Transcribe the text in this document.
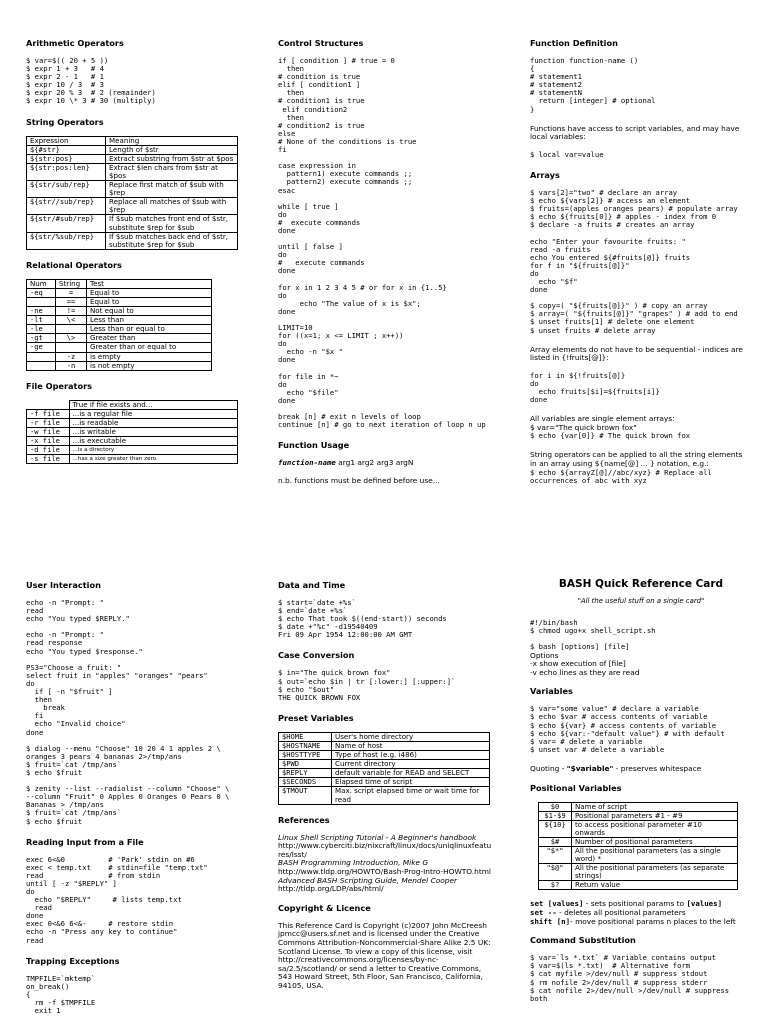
Arithmetic Operators
$ var=$(( 20 + 5 ))
$ expr 1 + 3   # 4
$ expr 2 - 1   # 1
$ expr 10 / 3  # 3
$ expr 20 % 3  # 2 (remainder)
$ expr 10 \* 3 # 30 (multiply)
String Operators
Expression	Meaning
${#str}	Length of $str
${str:pos}	Extract substring from $str at $pos
${str:pos:len}	Extract $len chars from $str at $pos
${str/sub/rep}	Replace first match of $sub with $rep
${str//sub/rep}	Replace all matches of $sub with $rep
${str/#sub/rep}	If $sub matches front end of $str, substitute $rep for $sub
${str/%sub/rep}	If $sub matches back end of $str, substitute $rep for $sub
Relational Operators
Num	String	Test
-eq	=	Equal to
	==	Equal to
-ne	!=	Not equal to
-lt	\<	Less than
-le		Less than or equal to
-gt	\>	Greater than
-ge		Greater than or equal to
	-z	is empty
	-n	is not empty
File Operators
	True if file exists and...
-f file	...is a regular file
-r file	...is readable
-w file	...is writable
-x file	...is executable
-d file	...is a directory
-s file	...has a size greater than zero.
User Interaction
echo -n "Prompt: "
read
echo "You typed $REPLY."

echo -n "Prompt: "
read response
echo "You typed $response."

PS3="Choose a fruit: "
select fruit in "apples" "oranges" "pears"
do
if [ -n "$fruit" ]
then
break
fi
echo "Invalid choice"
done

$ dialog --menu "Choose" 10 20 4 1 apples 2 \
oranges 3 pears 4 bananas 2>/tmp/ans
$ fruit=`cat /tmp/ans`
$ echo $fruit

$ zenity --list --radiolist --column "Choose" \
--column "Fruit" 0 Apples 0 Oranges 0 Pears 0 \
Bananas > /tmp/ans
$ fruit=`cat /tmp/ans`
$ echo $fruit
Reading Input from a File
exec 6<&0          # 'Park' stdin on #6
exec < temp.txt    # stdin=file "temp.txt"
read               # from stdin
until [ -z "$REPLY" ]
do
echo "$REPLY"     # lists temp.txt
read
done
exec 0<&6 6<&-     # restore stdin
echo -n "Press any key to continue"
read
Trapping Exceptions
TMPFILE=`mktemp`
on_break()
{
rm -f $TMPFILE
exit 1
Control Structures
if [ condition ] # true = 0
then
# condition is true
elif [ condition1 ]
then
# condition1 is true
elif condition2
then
# condition2 is true
else
# None of the conditions is true
fi

case expression in
pattern1) execute commands ;;
pattern2) execute commands ;;
esac

while [ true ]
do
#  execute commands
done

until [ false ]
do
#   execute commands
done

for x in 1 2 3 4 5 # or for x in {1..5}
do
echo "The value of x is $x";
done

LIMIT=10
for ((x=1; x <= LIMIT ; x++))
do
echo -n "$x "
done

for file in *~
do
echo "$file"
done

break [n] # exit n levels of loop
continue [n] # go to next iteration of loop n up
Function Usage

function-name arg1 arg2 arg3 argN

n.b. functions must be defined before use...

Data and Time
$ start=`date +%s`
$ end=`date +%s`
$ echo That took $((end-start)) seconds
$ date +"%c" -d19540409
Fri 09 Apr 1954 12:00:00 AM GMT
Case Conversion
$ in="The quick brown fox"
$ out=`echo $in | tr [:lower:] [:upper:]`
$ echo "$out"
THE QUICK BROWN FOX
Preset Variables
$HOME	User's home directory
$HOSTNAME	Name of host
$HOSTTYPE	Type of host (e.g. i486)
$PWD	Current directory
$REPLY	default variable for READ and SELECT
$SECONDS	Elapsed time of script
$TMOUT	Max. script elapsed time or wait time for read
References

Linux Shell Scripting Tutorial - A Beginner's handbook
http://www.cyberciti.biz/nixcraft/linux/docs/uniqlinuxfeatures/lsst/
BASH Programming Introduction, Mike G
http://www.tldp.org/HOWTO/Bash-Prog-Intro-HOWTO.html
Advanced BASH Scripting Guide, Mendel Cooper
http://tldp.org/LDP/abs/html/

Copyright & Licence

This Reference Card is Copyright (c)2007 John McCreesh jpmcc@users.sf.net and is licensed under the Creative Commons Attribution-Noncommercial-Share Alike 2.5 UK: Scotland License. To view a copy of this license, visit http://creativecommons.org/licenses/by-nc-sa/2.5/scotland/ or send a letter to Creative Commons, 543 Howard Street, 5th Floor, San Francisco, California, 94105, USA.

Function Definition
function function-name ()
{
# statement1
# statement2
# statementN
return [integer] # optional
}

Functions have access to script variables, and may have local variables:

$ local var=value
Arrays
$ vars[2]="two" # declare an array
$ echo ${vars[2]} # access an element
$ fruits=(apples oranges pears) # populate array
$ echo ${fruits[0]} # apples - index from 0
$ declare -a fruits # creates an array

echo "Enter your favourite fruits: "
read -a fruits
echo You entered ${#fruits[@]} fruits
for f in "${fruits[@]}"
do
echo "$f"
done

$ copy=( "${fruits[@]}" ) # copy an array
$ array=( "${fruits[@]}" "grapes" ) # add to end
$ unset fruits[1] # delete one element
$ unset fruits # delete array

Array elements do not have to be sequential - indices are listed in {!fruits[@]}:

for i in ${!fruits[@]}
do
echo fruits[$i]=${fruits[i]}
done

All variables are single element arrays:
$ var="The quick brown fox"

$ echo {var[0]} # The quick brown fox

String operators can be applied to all the string elements in an array using ${name[@] ... } notation, e.g.:

$ echo ${arrayZ[@]//abc/xyz} # Replace all
occurrences of abc with xyz
BASH Quick Reference Card
"All the useful stuff on a single card"
#!/bin/bash
$ chmod ugo+x shell_script.sh

$ bash [options] [file]

Options
-x show execution of [file]
-v echo lines as they are read

Variables
$ var="some value" # declare a variable
$ echo $var # access contents of variable
$ echo ${var} # access contents of variable
$ echo ${var:-"default value"} # with default
$ var= # delete a variable
$ unset var # delete a variable

Quoting - "$variable" - preserves whitespace

Positional Variables
$0	Name of script
$1-$9	Positional parameters #1 - #9
${10}	to access positional parameter #10 onwards
$#	Number of positional parameters
"$*"	All the positional parameters (as a single word) *
"$@"	All the positional parameters (as separate strings)
$?	Return value

set [values] - sets positional params to [values]
set -- - deletes all positional parameters
shift [n]- move positional params n places to the left

Command Substitution
$ var=`ls *.txt` # Variable contains output
$ var=$(ls *.txt)  # Alternative form
$ cat myfile >/dev/null # suppress stdout
$ rm nofile 2>/dev/null # suppress stderr
$ cat nofile 2>/dev/null >/dev/null # suppress
both
